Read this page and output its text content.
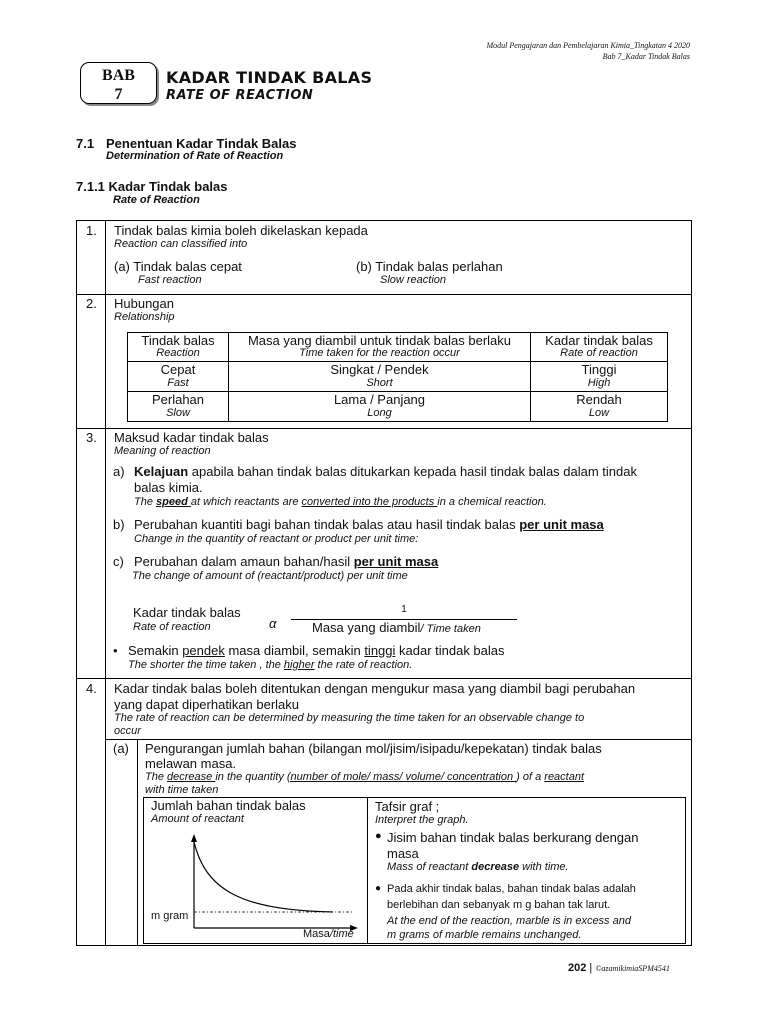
Modul Pengajaran dan Pembelajaran Kimia_Tingkatan 4 2020
Bab 7_Kadar Tindak Balas
BAB
7
KADAR TINDAK BALAS
RATE OF REACTION
7.1 Penentuan Kadar Tindak Balas
Determination of Rate of Reaction
7.1.1 Kadar Tindak balas
Rate of Reaction
1. Tindak balas kimia boleh dikelaskan kepada
Reaction can classified into
(a) Tindak balas cepat
Fast reaction
(b) Tindak balas perlahan
Slow reaction
2. Hubungan
Relationship
Tindak balas
Reaction
Masa yang diambil untuk tindak balas berlaku
Time taken for the reaction occur
Kadar tindak balas
Rate of reaction
Cepat
Fast
Singkat / Pendek
Short
Tinggi
High
Perlahan
Slow
Lama / Panjang
Long
Rendah
Low
3. Maksud kadar tindak balas
Meaning of reaction
a) Kelajuan apabila bahan tindak balas ditukarkan kepada hasil tindak balas dalam tindak
balas kimia.
The speed at which reactants are converted into the products in a chemical reaction.
b) Perubahan kuantiti bagi bahan tindak balas atau hasil tindak balas per unit masa
Change in the quantity of reactant or product per unit time:
c) Perubahan dalam amaun bahan/hasil per unit masa
The change of amount of (reactant/product) per unit time
Kadar tindak balas
Rate of reaction	α
1
Masa yang diambil/ Time taken
• Semakin pendek masa diambil, semakin tinggi kadar tindak balas
The shorter the time taken , the higher the rate of reaction.
4. Kadar tindak balas boleh ditentukan dengan mengukur masa yang diambil bagi perubahan
yang dapat diperhatikan berlaku
The rate of reaction can be determined by measuring the time taken for an observable change to
occur
(a) Pengurangan jumlah bahan (bilangan mol/jisim/isipadu/kepekatan) tindak balas
melawan masa.
The decrease in the quantity (number of mole/ mass/ volume/ concentration ) of a reactant
with time taken
Jumlah bahan tindak balas
Amount of reactant
m gram
Masa/time
Tafsir graf ;
Interpret the graph.
● Jisim bahan tindak balas berkurang dengan
masa
Mass of reactant decrease with time.
● Pada akhir tindak balas, bahan tindak balas adalah
berlebihan dan sebanyak m g bahan tak larut.
At the end of the reaction, marble is in excess and
m grams of marble remains unchanged.
202 | ©azamikimiaSPM4541
